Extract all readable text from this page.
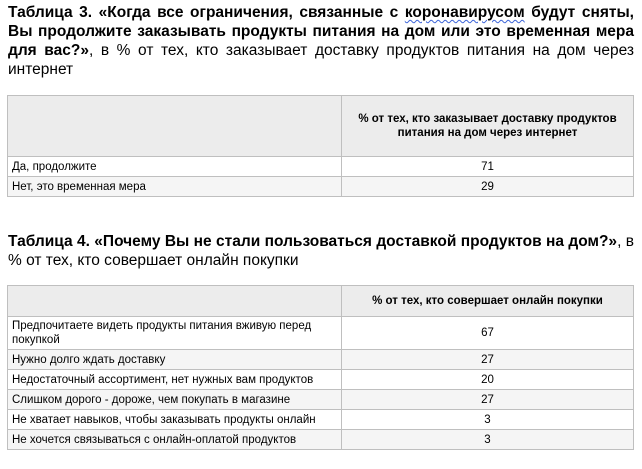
Таблица 3. «Когда все ограничения, связанные с коронавирусом будут сняты, Вы продолжите заказывать продукты питания на дом или это временная мера для вас?», в % от тех, кто заказывает доставку продуктов питания на дом через интернет
	% от тех, кто заказывает доставку продуктов питания на дом через интернет
Да, продолжите	71
Нет, это временная мера	29
Таблица 4. «Почему Вы не стали пользоваться доставкой продуктов на дом?», в % от тех, кто совершает онлайн покупки
	% от тех, кто совершает онлайн покупки
Предпочитаете видеть продукты питания вживую перед покупкой	67
Нужно долго ждать доставку	27
Недостаточный ассортимент, нет нужных вам продуктов	20
Слишком дорого - дороже, чем покупать в магазине	27
Не хватает навыков, чтобы заказывать продукты онлайн	3
Не хочется связываться с онлайн-оплатой продуктов	3
